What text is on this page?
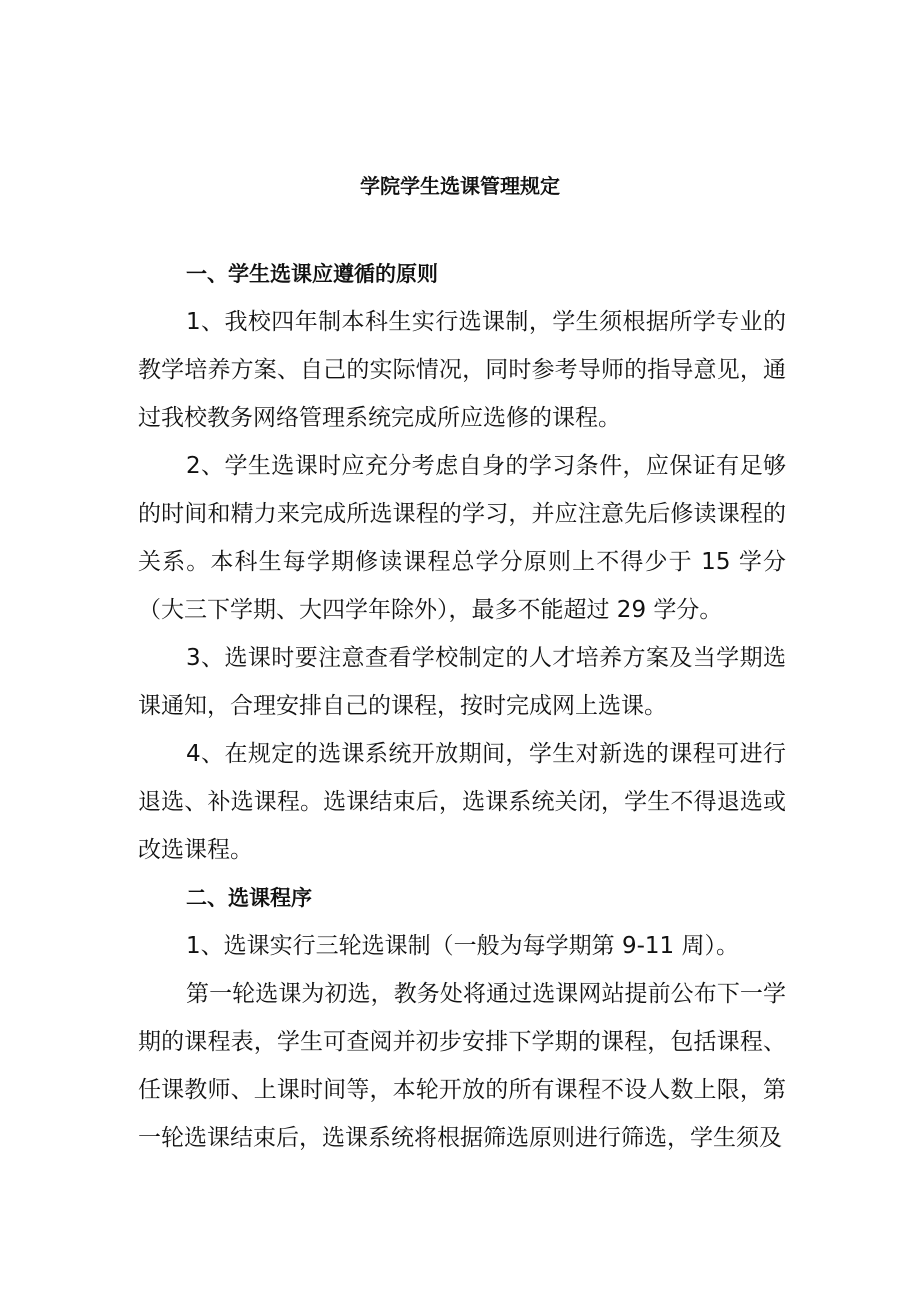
学院学生选课管理规定

一、学生选课应遵循的原则

1、我校四年制本科生实行选课制，学生须根据所学专业的教学培养方案、自己的实际情况，同时参考导师的指导意见，通过我校教务网络管理系统完成所应选修的课程。

2、学生选课时应充分考虑自身的学习条件，应保证有足够的时间和精力来完成所选课程的学习，并应注意先后修读课程的关系。本科生每学期修读课程总学分原则上不得少于 15 学分（大三下学期、大四学年除外），最多不能超过 29 学分。

3、选课时要注意查看学校制定的人才培养方案及当学期选课通知，合理安排自己的课程，按时完成网上选课。

4、在规定的选课系统开放期间，学生对新选的课程可进行退选、补选课程。选课结束后，选课系统关闭，学生不得退选或改选课程。

二、选课程序

1、选课实行三轮选课制（一般为每学期第 9-11 周）。

第一轮选课为初选，教务处将通过选课网站提前公布下一学期的课程表，学生可查阅并初步安排下学期的课程，包括课程、任课教师、上课时间等，本轮开放的所有课程不设人数上限，第一轮选课结束后，选课系统将根据筛选原则进行筛选，学生须及
